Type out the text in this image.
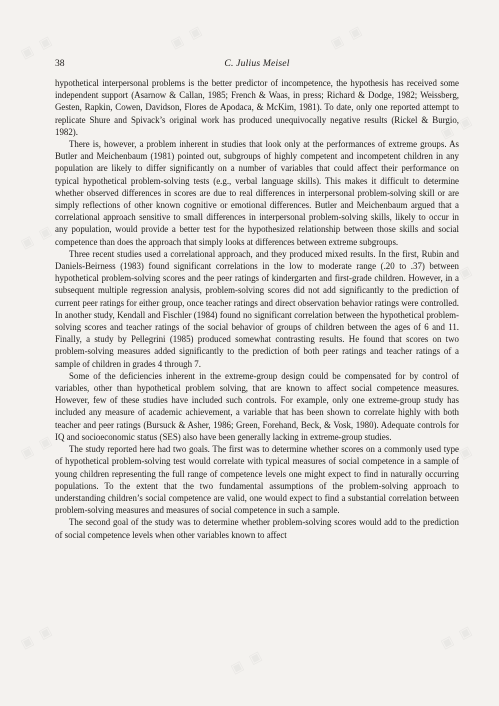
▣ ▣	▣ ▣	▣ ▣
▣ ▣
▣ ▣
▣ ▣
▣ ▣	▣ ▣
▣ ▣
▣ ▣
▣ ▣
38	C. Julius Meisel

hypothetical interpersonal problems is the better predictor of incompetence, the hypothesis has received some independent support (Asarnow & Callan, 1985; French & Waas, in press; Richard & Dodge, 1982; Weissberg, Gesten, Rapkin, Cowen, Davidson, Flores de Apodaca, & McKim, 1981). To date, only one reported attempt to replicate Shure and Spivack’s original work has produced unequivocally negative results (Rickel & Burgio, 1982).

There is, however, a problem inherent in studies that look only at the performances of extreme groups. As Butler and Meichenbaum (1981) pointed out, subgroups of highly competent and incompetent children in any population are likely to differ significantly on a number of variables that could affect their performance on typical hypothetical problem-solving tests (e.g., verbal language skills). This makes it difficult to determine whether observed differences in scores are due to real differences in interpersonal problem-solving skill or are simply reflections of other known cognitive or emotional differences. Butler and Meichenbaum argued that a correlational approach sensitive to small differences in interpersonal problem-solving skills, likely to occur in any population, would provide a better test for the hypothesized relationship between those skills and social competence than does the approach that simply looks at differences between extreme subgroups.

Three recent studies used a correlational approach, and they produced mixed results. In the first, Rubin and Daniels-Beirness (1983) found significant correlations in the low to moderate range (.20 to .37) between hypothetical problem-solving scores and the peer ratings of kindergarten and first-grade children. However, in a subsequent multiple regression analysis, problem-solving scores did not add significantly to the prediction of current peer ratings for either group, once teacher ratings and direct observation behavior ratings were controlled. In another study, Kendall and Fischler (1984) found no significant correlation between the hypothetical problem-solving scores and teacher ratings of the social behavior of groups of children between the ages of 6 and 11. Finally, a study by Pellegrini (1985) produced somewhat contrasting results. He found that scores on two problem-solving measures added significantly to the prediction of both peer ratings and teacher ratings of a sample of children in grades 4 through 7.

Some of the deficiencies inherent in the extreme-group design could be compensated for by control of variables, other than hypothetical problem solving, that are known to affect social competence measures. However, few of these studies have included such controls. For example, only one extreme-group study has included any measure of academic achievement, a variable that has been shown to correlate highly with both teacher and peer ratings (Bursuck & Asher, 1986; Green, Forehand, Beck, & Vosk, 1980). Adequate controls for IQ and socioeconomic status (SES) also have been generally lacking in extreme-group studies.

The study reported here had two goals. The first was to determine whether scores on a commonly used type of hypothetical problem-solving test would correlate with typical measures of social competence in a sample of young children representing the full range of competence levels one might expect to find in naturally occurring populations. To the extent that the two fundamental assumptions of the problem-solving approach to understanding children’s social competence are valid, one would expect to find a substantial correlation between problem-solving measures and measures of social competence in such a sample.

The second goal of the study was to determine whether problem-solving scores would add to the prediction of social competence levels when other variables known to affect
